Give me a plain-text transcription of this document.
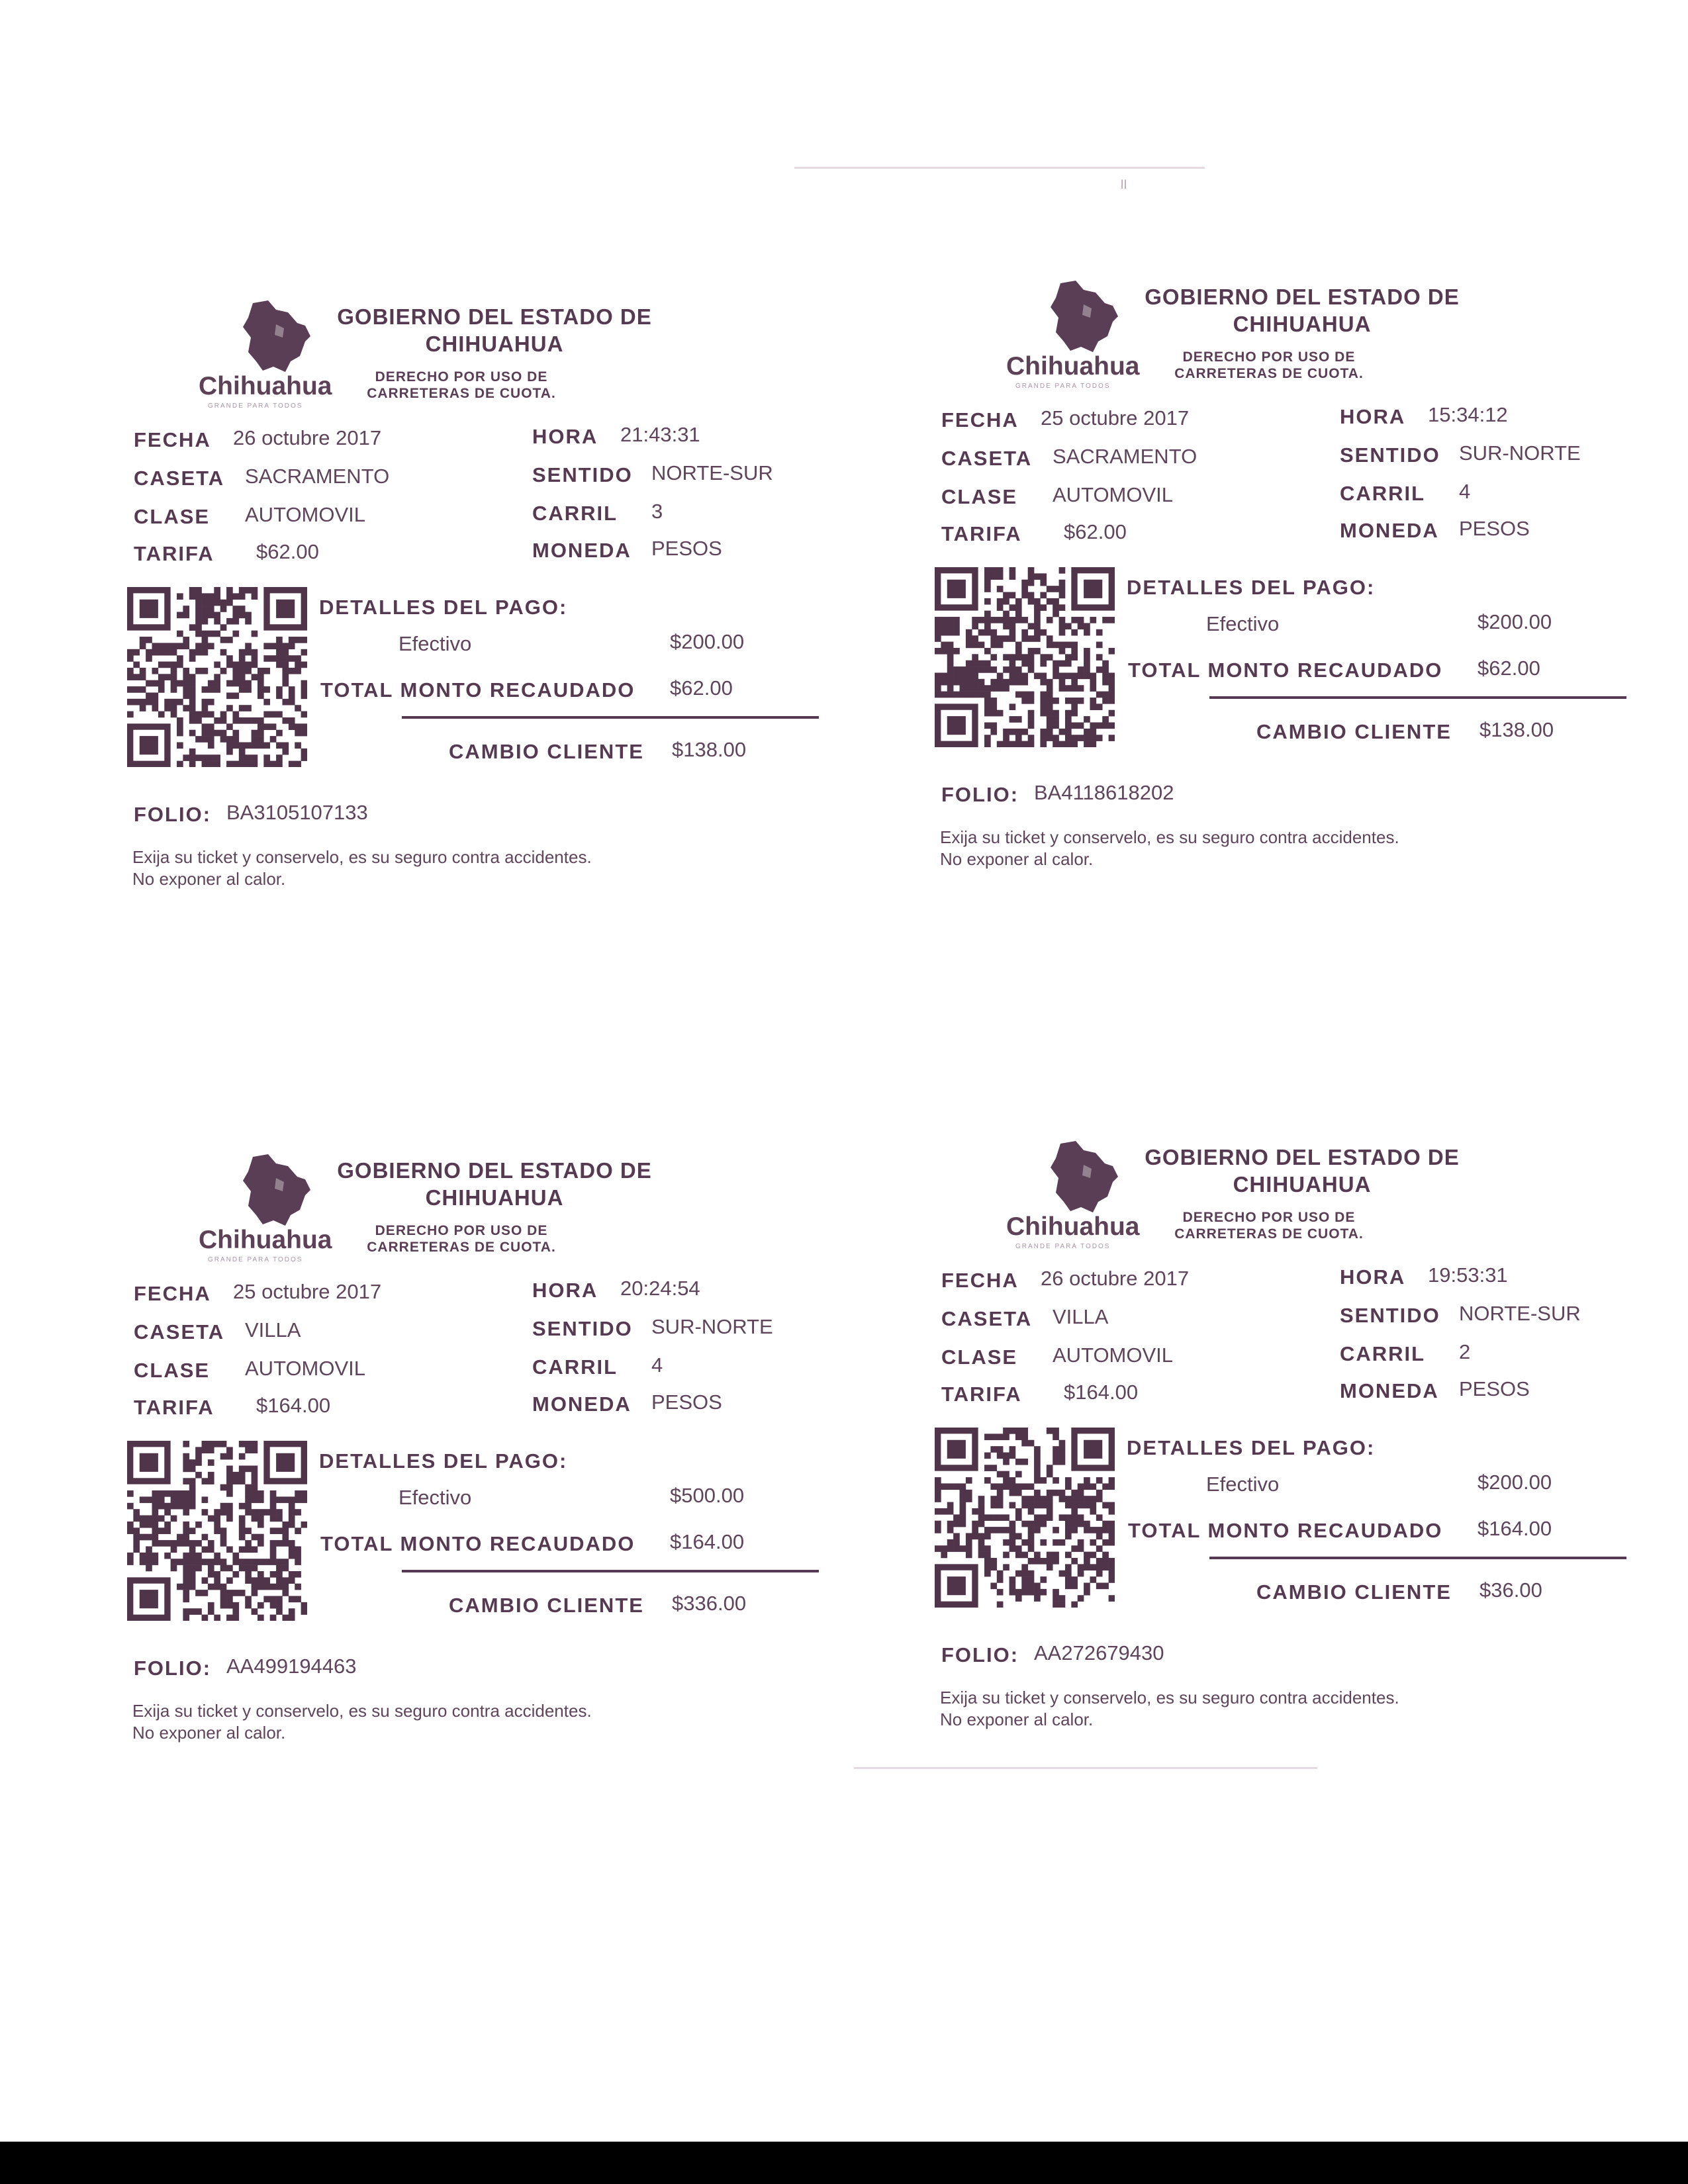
॥
Chihuahua
GRANDE PARA TODOS
GOBIERNO DEL ESTADO DE
CHIHUAHUA
DERECHO POR USO DE
CARRETERAS DE CUOTA.
FECHA 26 octubre 2017
CASETA SACRAMENTO
CLASE AUTOMOVIL
TARIFA $62.00
HORA 21:43:31
SENTIDO NORTE-SUR
CARRIL 3
MONEDA PESOS
DETALLES DEL PAGO:
Efectivo	$200.00
TOTAL MONTO RECAUDADO $62.00
CAMBIO CLIENTE $138.00
FOLIO: BA3105107133
Exija su ticket y conservelo, es su seguro contra accidentes.
No exponer al calor.
Chihuahua
GRANDE PARA TODOS
GOBIERNO DEL ESTADO DE
CHIHUAHUA
DERECHO POR USO DE
CARRETERAS DE CUOTA.
FECHA 25 octubre 2017
CASETA SACRAMENTO
CLASE AUTOMOVIL
TARIFA $62.00
HORA 15:34:12
SENTIDO SUR-NORTE
CARRIL 4
MONEDA PESOS
DETALLES DEL PAGO:
Efectivo	$200.00
TOTAL MONTO RECAUDADO $62.00
CAMBIO CLIENTE $138.00
FOLIO: BA4118618202
Exija su ticket y conservelo, es su seguro contra accidentes.
No exponer al calor.
Chihuahua
GRANDE PARA TODOS
GOBIERNO DEL ESTADO DE
CHIHUAHUA
DERECHO POR USO DE
CARRETERAS DE CUOTA.
FECHA 25 octubre 2017
CASETA VILLA
CLASE AUTOMOVIL
TARIFA $164.00
HORA 20:24:54
SENTIDO SUR-NORTE
CARRIL 4
MONEDA PESOS
DETALLES DEL PAGO:
Efectivo	$500.00
TOTAL MONTO RECAUDADO $164.00
CAMBIO CLIENTE $336.00
FOLIO: AA499194463
Exija su ticket y conservelo, es su seguro contra accidentes.
No exponer al calor.
Chihuahua
GRANDE PARA TODOS
GOBIERNO DEL ESTADO DE
CHIHUAHUA
DERECHO POR USO DE
CARRETERAS DE CUOTA.
FECHA 26 octubre 2017
CASETA VILLA
CLASE AUTOMOVIL
TARIFA $164.00
HORA 19:53:31
SENTIDO NORTE-SUR
CARRIL 2
MONEDA PESOS
DETALLES DEL PAGO:
Efectivo	$200.00
TOTAL MONTO RECAUDADO $164.00
CAMBIO CLIENTE $36.00
FOLIO: AA272679430
Exija su ticket y conservelo, es su seguro contra accidentes.
No exponer al calor.
